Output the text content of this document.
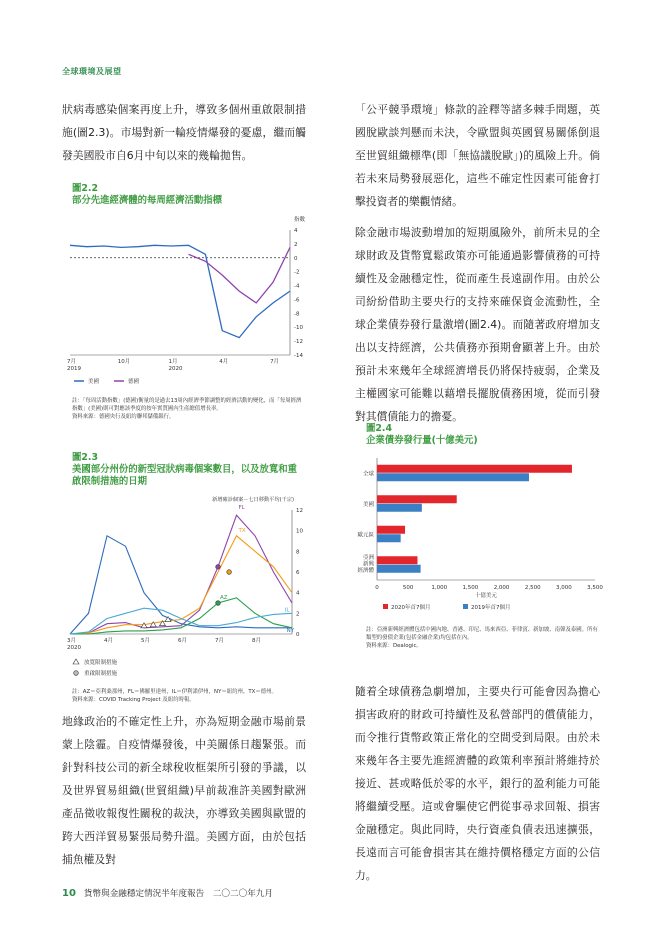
全球環境及展望

狀病毒感染個案再度上升，導致多個州重啟限制措施(圖2.3)。市場對新一輪疫情爆發的憂慮，繼而觸發美國股市自6月中旬以來的幾輪拋售。

圖2.2
部分先進經濟體的每周經濟活動指標
指數
4
2
0
-2
-4
-6
-8
-10
-12
-14
7月
2019
10月	1月
2020
4月	7月
美國	德國
註：「每周活動指數」(德國)衡量的是過去13周內經濟季節調整的經濟活動的變化，而「每周經濟指數」(美國)則可對應該季度的按年實質國內生產總值增長率。
資料來源：德國央行及紐約聯邦儲備銀行。
圖2.3
美國部分州份的新型冠狀病毒個案數目，以及放寬和重啟限制措施的日期
新增確診個案－七日移動平均(千宗)
12
10
8
6
4
2
0
3月
2020
4月	5月	6月	7月	8月
NY
FL
TX
AZ
IL
放寬限制措施
重啟限制措施
註：AZ＝亞利桑那州，FL＝佛羅里達州，IL＝伊利諾伊州，NY＝紐約州，TX＝德州。
資料來源：COVID Tracking Project 及紐約時報。

地緣政治的不確定性上升，亦為短期金融市場前景蒙上陰霾。自疫情爆發後，中美關係日趨緊張。而針對科技公司的新全球稅收框架所引發的爭議，以及世界貿易組織(世貿組織)早前裁准許美國對歐洲產品徵收報復性關稅的裁決，亦導致美國與歐盟的跨大西洋貿易緊張局勢升溫。美國方面，由於包括捕魚權及對

「公平競爭環境」條款的詮釋等諸多棘手問題，英國脫歐談判懸而未決，令歐盟與英國貿易關係倒退至世貿組織標準(即「無協議脫歐」)的風險上升。倘若未來局勢發展惡化，這些不確定性因素可能會打擊投資者的樂觀情緒。

除金融市場波動增加的短期風險外，前所未見的全球財政及貨幣寬鬆政策亦可能通過影響債務的可持續性及金融穩定性，從而產生長遠副作用。由於公司紛紛借助主要央行的支持來確保資金流動性，全球企業債券發行量激增(圖2.4)。而隨著政府增加支出以支持經濟，公共債務亦預期會顯著上升。由於預計未來幾年全球經濟增長仍將保持疲弱，企業及主權國家可能難以藉增長擺脫債務困境，從而引發對其償債能力的擔憂。

圖2.4
企業債券發行量(十億美元)
0	500	1,000	1,500	2,000	2,500	3,000	3,500
十億美元
全球
美國
歐元區
亞洲
新興
經濟體
2020年首7個月	2019年首7個月
註：亞洲新興經濟體包括中國內地、香港、印尼、馬來西亞、菲律賓、新加坡、南韓及泰國。所有類型的發債企業(包括金融企業)均包括在內。
資料來源：Dealogic。

隨着全球債務急劇增加，主要央行可能會因為擔心損害政府的財政可持續性及私營部門的償債能力，而令推行貨幣政策正常化的空間受到局限。由於未來幾年各主要先進經濟體的政策利率預計將維持於接近、甚或略低於零的水平，銀行的盈利能力可能將繼續受壓。這或會驅使它們從事尋求回報、損害金融穩定。與此同時，央行資產負債表迅速擴張，長遠而言可能會損害其在維持價格穩定方面的公信力。

10 貨幣與金融穩定情況半年度報告　二〇二〇年九月
